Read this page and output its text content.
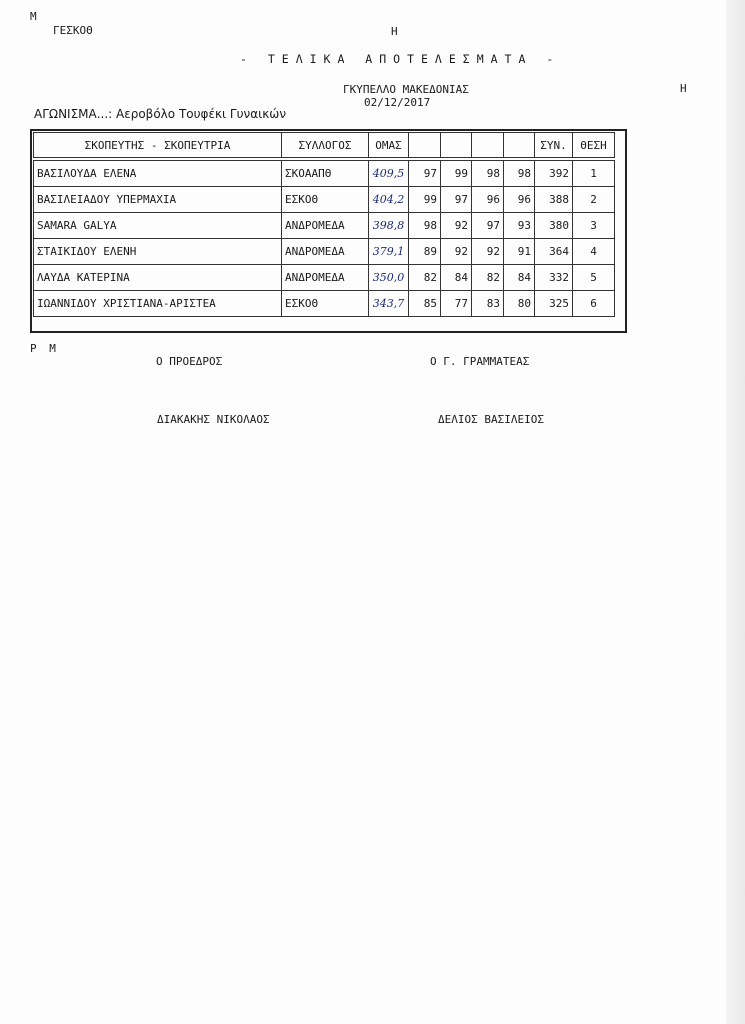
M
ΓΕΣΚΟΘ	H
- ΤΕΛΙΚΑ ΑΠΟΤΕΛΕΣΜΑΤΑ -
ΓΚΥΠΕΛΛΟ ΜΑΚΕΔΟΝΙΑΣ	H
02/12/2017
ΑΓΩΝΙΣΜΑ...: Αεροβόλο Τουφέκι Γυναικών
ΣΚΟΠΕΥΤΗΣ - ΣΚΟΠΕΥΤΡΙΑ	ΣΥΛΛΟΓΟΣ	ΟΜΑΣ					ΣΥΝ.	ΘΕΣΗ

ΒΑΣΙΛΟΥΔΑ ΕΛΕΝΑ	ΣΚΟΑΑΠΘ	409,5	97	99	98	98	392	1
ΒΑΣΙΛΕΙΑΔΟΥ ΥΠΕΡΜΑΧΙΑ	ΕΣΚΟΘ	404,2	99	97	96	96	388	2
SAMARA GALYA	ΑΝΔΡΟΜΕΔΑ	398,8	98	92	97	93	380	3
ΣΤΑΙΚΙΔΟΥ ΕΛΕΝΗ	ΑΝΔΡΟΜΕΔΑ	379,1	89	92	92	91	364	4
ΛΑΥΔΑ ΚΑΤΕΡΙΝΑ	ΑΝΔΡΟΜΕΔΑ	350,0	82	84	82	84	332	5
ΙΩΑΝΝΙΔΟΥ ΧΡΙΣΤΙΑΝΑ-ΑΡΙΣΤΕΑ	ΕΣΚΟΘ	343,7	85	77	83	80	325	6
P M
Ο ΠΡΟΕΔΡΟΣ	Ο Γ. ΓΡΑΜΜΑΤΕΑΣ
ΔΙΑΚΑΚΗΣ ΝΙΚΟΛΑΟΣ	ΔΕΛΙΟΣ ΒΑΣΙΛΕΙΟΣ
